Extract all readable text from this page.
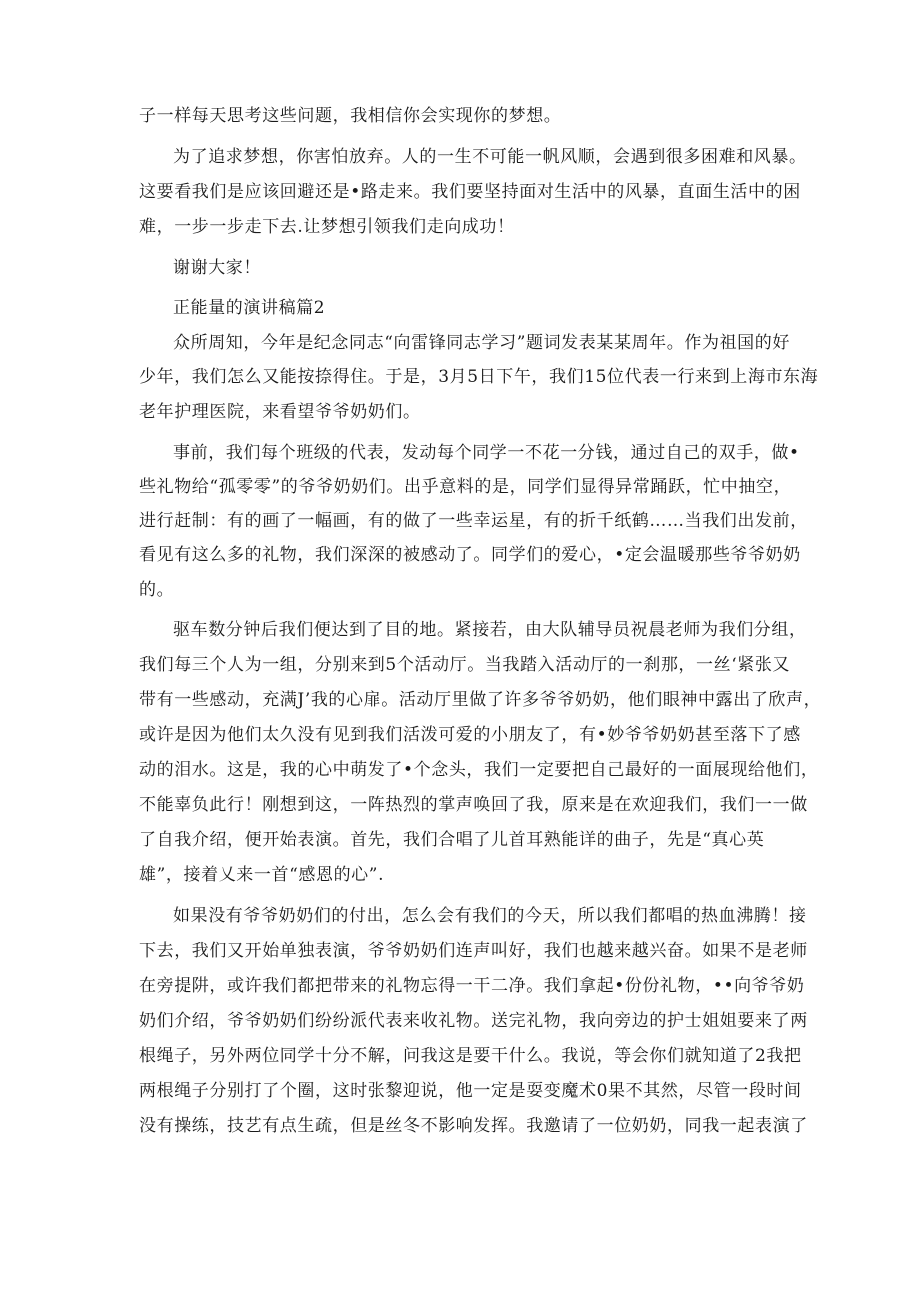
子一样每天思考这些问题，我相信你会实现你的梦想。
为了追求梦想，你害怕放弃。人的一生不可能一帆风顺，会遇到很多困难和风暴。
这要看我们是应该回避还是•路走来。我们要坚持面对生活中的风暴，直面生活中的困
难，一步一步走下去.让梦想引领我们走向成功！
谢谢大家！
正能量的演讲稿篇2
众所周知，今年是纪念同志“向雷锋同志学习”题词发表某某周年。作为祖国的好
少年，我们怎么又能按捺得住。于是，3月5日下午，我们15位代表一行来到上海市东海
老年护理医院，来看望爷爷奶奶们。
事前，我们每个班级的代表，发动每个同学一不花一分钱，通过自己的双手，做•
些礼物给“孤零零”的爷爷奶奶们。出乎意料的是，同学们显得异常踊跃，忙中抽空，
进行赶制：有的画了一幅画，有的做了一些幸运星，有的折千纸鹤……当我们出发前，
看见有这么多的礼物，我们深深的被感动了。同学们的爱心，•定会温暖那些爷爷奶奶
的。
驱车数分钟后我们便达到了目的地。紧接若，由大队辅导员祝晨老师为我们分组，
我们每三个人为一组，分别来到5个活动厅。当我踏入活动厅的一刹那，一丝‘紧张又
带有一些感动，充满J’我的心扉。活动厅里做了许多爷爷奶奶，他们眼神中露出了欣声，
或许是因为他们太久没有见到我们活泼可爱的小朋友了，有•妙爷爷奶奶甚至落下了感
动的泪水。这是，我的心中萌发了•个念头，我们一定要把自己最好的一面展现给他们，
不能辜负此行！刚想到这，一阵热烈的掌声唤回了我，原来是在欢迎我们，我们一一做
了自我介绍，便开始表演。首先，我们合唱了儿首耳熟能详的曲子，先是“真心英
雄”，接着乂来一首“感恩的心”.
如果没有爷爷奶奶们的付出，怎么会有我们的今天，所以我们都唱的热血沸腾！接
下去，我们又开始单独表演，爷爷奶奶们连声叫好，我们也越来越兴奋。如果不是老师
在旁提阱，或许我们都把带来的礼物忘得一干二净。我们拿起•份份礼物，••向爷爷奶
奶们介绍，爷爷奶奶们纷纷派代表来收礼物。送完礼物，我向旁边的护士姐姐要来了两
根绳子，另外两位同学十分不解，问我这是要干什么。我说，等会你们就知道了2我把
两根绳子分别打了个圈，这时张黎迎说，他一定是耍变魔术0果不其然，尽管一段时间
没有操练，技艺有点生疏，但是丝冬不影响发挥。我邀请了一位奶奶，同我一起表演了
